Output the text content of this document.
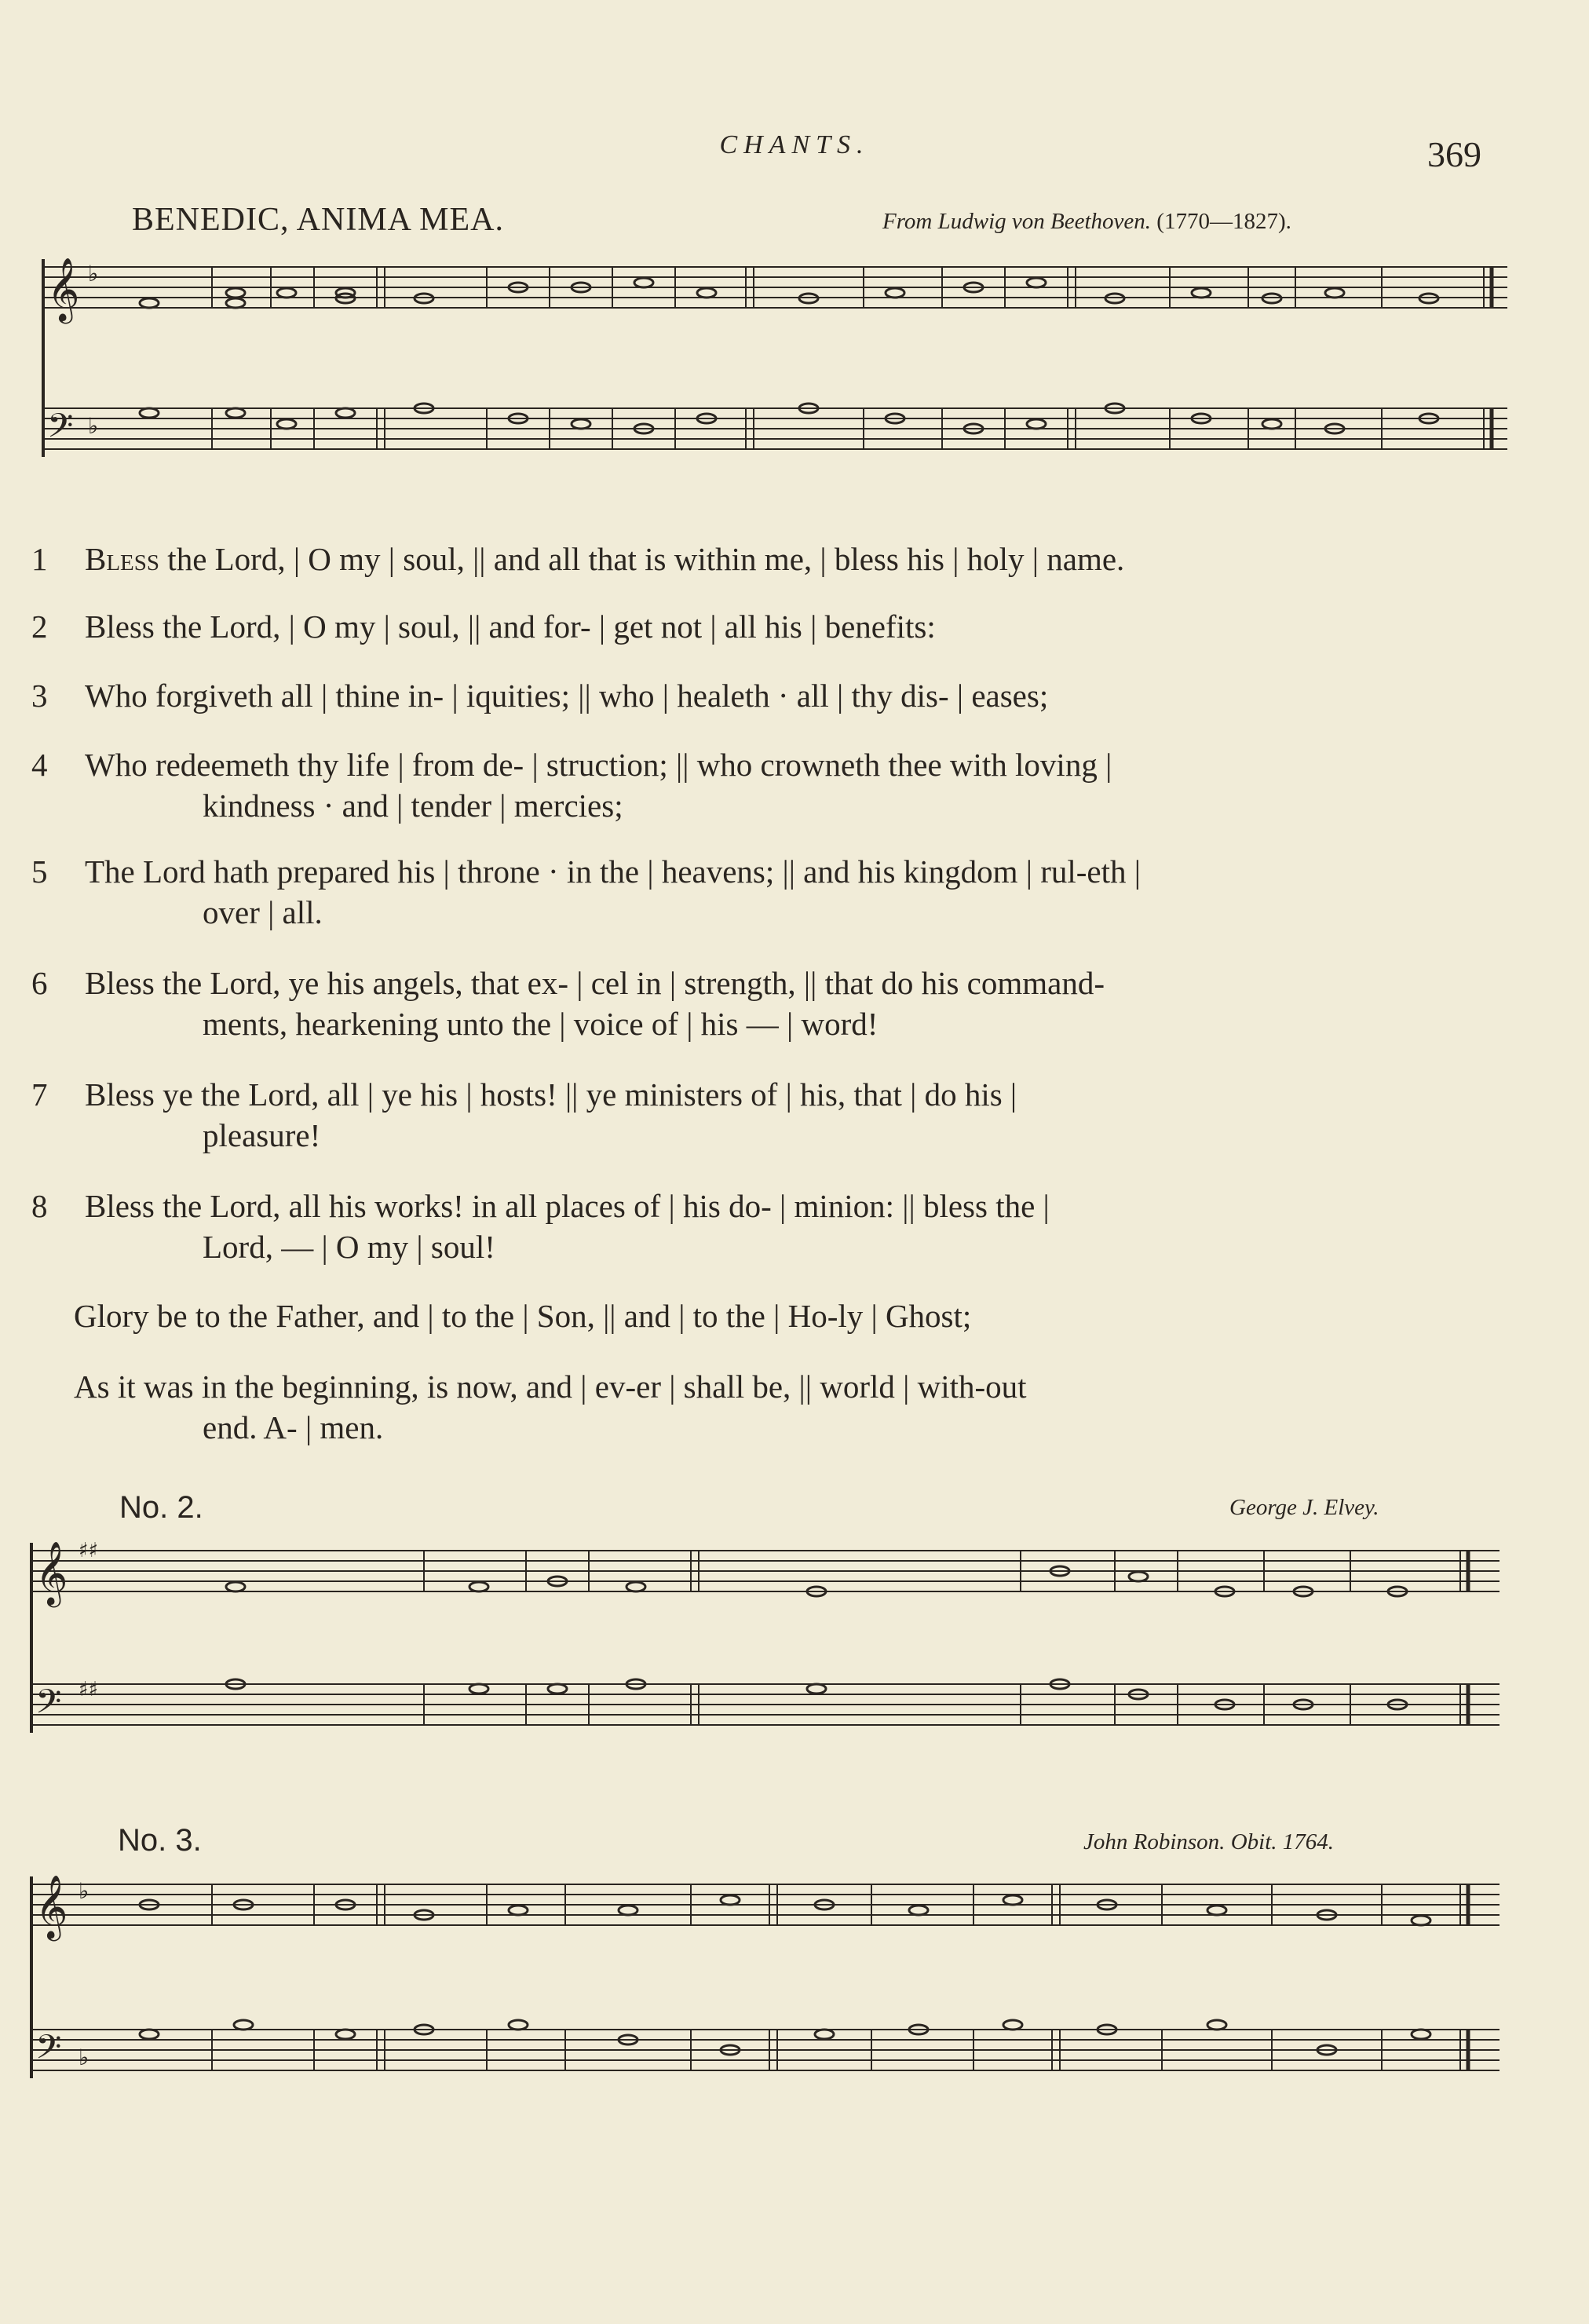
CHANTS.	369
BENEDIC, ANIMA MEA.	From Ludwig von Beethoven. (1770—1827).
𝄞
𝄢
♭
♭
1	Bless the Lord, | O my | soul, || and all that is within me, | bless his | holy | name.
2	Bless the Lord, | O my | soul, || and for- | get not | all his | benefits:
3	Who forgiveth all | thine in- | iquities; || who | healeth · all | thy dis- | eases;
4	Who redeemeth thy life | from de- | struction; || who crowneth thee with loving |
kindness · and | tender | mercies;
5	The Lord hath prepared his | throne · in the | heavens; || and his kingdom | rul-eth |
over | all.
6	Bless the Lord, ye his angels, that ex- | cel in | strength, || that do his command-
ments, hearkening unto the | voice of | his — | word!
7	Bless ye the Lord, all | ye his | hosts! || ye ministers of | his, that | do his |
pleasure!
8	Bless the Lord, all his works! in all places of | his do- | minion: || bless the |
Lord, — | O my | soul!
Glory be to the Father, and | to the | Son, || and | to the | Ho-ly | Ghost;
As it was in the beginning, is now, and | ev-er | shall be, || world | with-out
end. A- | men.
No. 2.	George J. Elvey.
𝄞
𝄢
♯♯
♯♯
No. 3.	John Robinson. Obit. 1764.
𝄞
𝄢
♭
♭
